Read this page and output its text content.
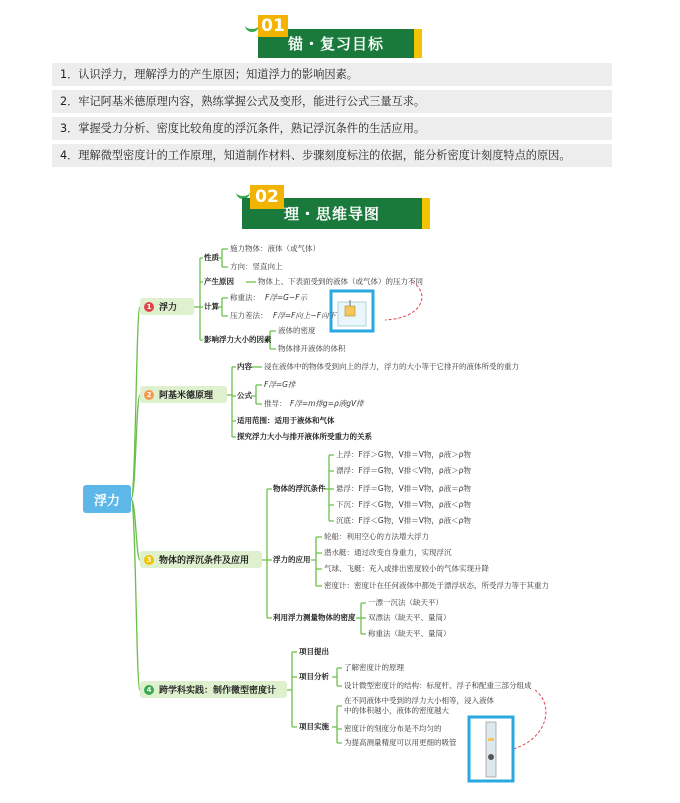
锚・复习目标
01
1．认识浮力，理解浮力的产生原因；知道浮力的影响因素。
2．牢记阿基米德原理内容，熟练掌握公式及变形，能进行公式三量互求。
3．掌握受力分析、密度比较角度的浮沉条件，熟记浮沉条件的生活应用。
4．理解微型密度计的工作原理，知道制作材料、步骤刻度标注的依据，能分析密度计刻度特点的原因。
理・思维导图
02
浮力
1 浮力
2 阿基米德原理
3 物体的浮沉条件及应用
4 跨学科实践：制作微型密度计
性质
施力物体：液体（或气体）
方向：竖直向上
产生原因	物体上、下表面受到的液体（或气体）的压力不同
计算
称重法： F浮=G−F示
压力差法： F浮=F向上−F向下
影响浮力大小的因素
液体的密度
物体排开液体的体积
内容 浸在液体中的物体受到向上的浮力，浮力的大小等于它排开的液体所受的重力
公式
F浮=G排
推导： F浮=m排g=ρ液gV排
适用范围：适用于液体和气体
探究浮力大小与排开液体所受重力的关系
物体的浮沉条件
上浮：F浮＞G物，V排＝V物，ρ液＞ρ物
漂浮：F浮＝G物，V排＜V物，ρ液＞ρ物
悬浮：F浮＝G物，V排＝V物，ρ液＝ρ物
下沉：F浮＜G物，V排＝V物，ρ液＜ρ物
沉底：F浮＜G物，V排＝V物，ρ液＜ρ物
浮力的应用
轮船：利用空心的方法增大浮力
潜水艇：通过改变自身重力，实现浮沉
气球、飞艇：充入或排出密度较小的气体实现升降
密度计：密度计在任何液体中都处于漂浮状态，所受浮力等于其重力
利用浮力测量物体的密度
一漂一沉法（缺天平）
双漂法（缺天平、量筒）
称重法（缺天平、量筒）
项目提出
项目分析
了解密度计的原理
设计微型密度计的结构：标度杆、浮子和配重三部分组成
项目实施
在不同液体中受到的浮力大小相等，浸入液体
中的体积越小，液体的密度越大
密度计的刻度分布是不均匀的
为提高测量精度可以用更细的吸管
